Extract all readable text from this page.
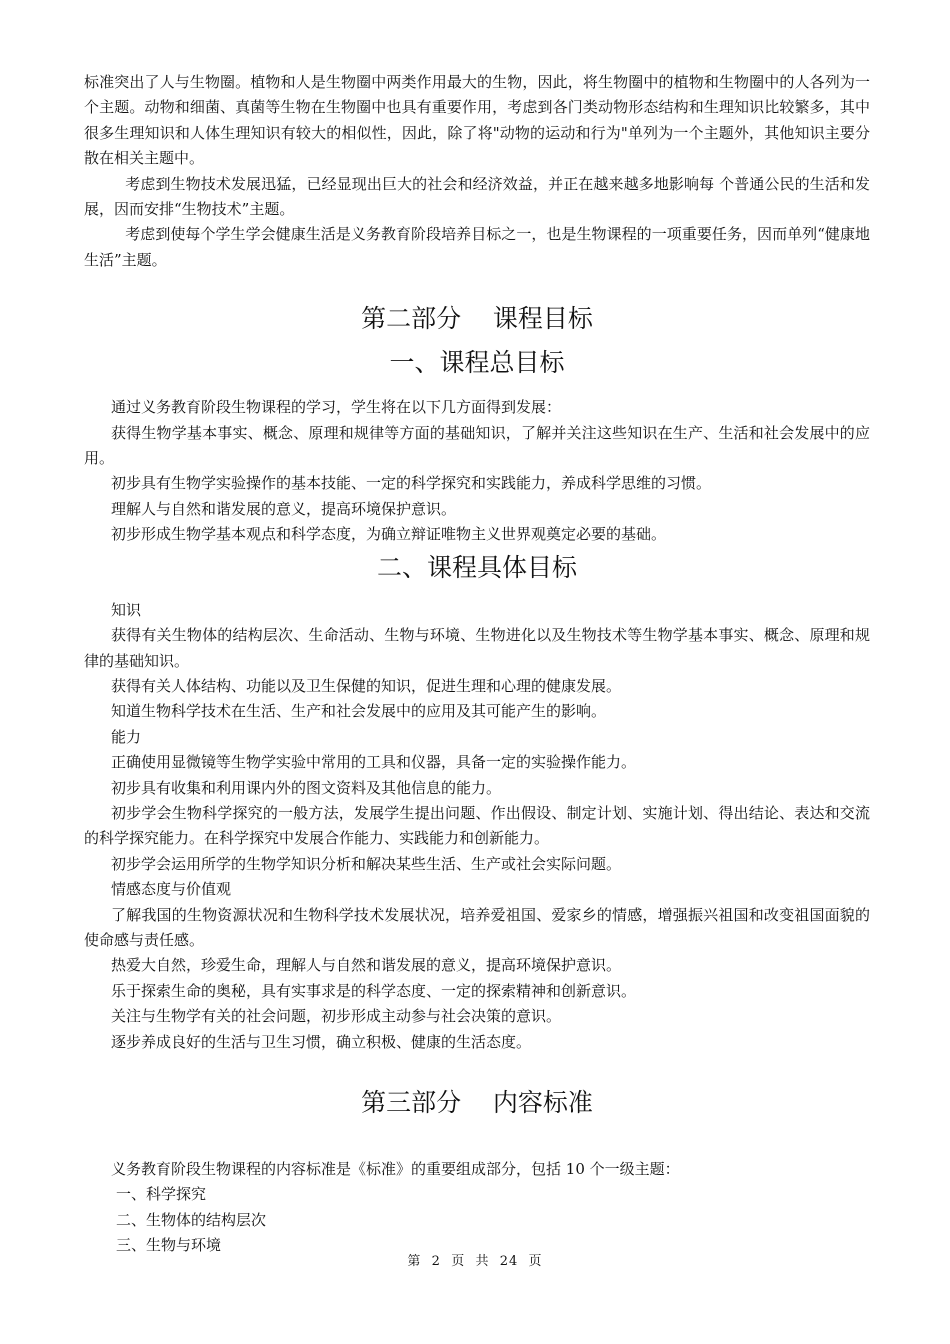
标准突出了人与生物圈。植物和人是生物圈中两类作用最大的生物，因此，将生物圈中的植物和生物圈中的人各列为一个主题。动物和细菌、真菌等生物在生物圈中也具有重要作用，考虑到各门类动物形态结构和生理知识比较繁多，其中很多生理知识和人体生理知识有较大的相似性，因此，除了将"动物的运动和行为"单列为一个主题外，其他知识主要分散在相关主题中。

考虑到生物技术发展迅猛，已经显现出巨大的社会和经济效益，并正在越来越多地影响每 个普通公民的生活和发展，因而安排“生物技术”主题。

考虑到使每个学生学会健康生活是义务教育阶段培养目标之一，也是生物课程的一项重要任务，因而单列“健康地生活”主题。

第二部分    课程目标
一、课程总目标

通过义务教育阶段生物课程的学习，学生将在以下几方面得到发展：

获得生物学基本事实、概念、原理和规律等方面的基础知识，了解并关注这些知识在生产、生活和社会发展中的应用。

初步具有生物学实验操作的基本技能、一定的科学探究和实践能力，养成科学思维的习惯。

理解人与自然和谐发展的意义，提高环境保护意识。

初步形成生物学基本观点和科学态度，为确立辩证唯物主义世界观奠定必要的基础。

二、课程具体目标

知识

获得有关生物体的结构层次、生命活动、生物与环境、生物进化以及生物技术等生物学基本事实、概念、原理和规律的基础知识。

获得有关人体结构、功能以及卫生保健的知识，促进生理和心理的健康发展。

知道生物科学技术在生活、生产和社会发展中的应用及其可能产生的影响。

能力

正确使用显微镜等生物学实验中常用的工具和仪器，具备一定的实验操作能力。

初步具有收集和利用课内外的图文资料及其他信息的能力。

初步学会生物科学探究的一般方法，发展学生提出问题、作出假设、制定计划、实施计划、得出结论、表达和交流的科学探究能力。在科学探究中发展合作能力、实践能力和创新能力。

初步学会运用所学的生物学知识分析和解决某些生活、生产或社会实际问题。

情感态度与价值观

了解我国的生物资源状况和生物科学技术发展状况，培养爱祖国、爱家乡的情感，增强振兴祖国和改变祖国面貌的使命感与责任感。

热爱大自然，珍爱生命，理解人与自然和谐发展的意义，提高环境保护意识。

乐于探索生命的奥秘，具有实事求是的科学态度、一定的探索精神和创新意识。

关注与生物学有关的社会问题，初步形成主动参与社会决策的意识。

逐步养成良好的生活与卫生习惯，确立积极、健康的生活态度。

第三部分    内容标准

义务教育阶段生物课程的内容标准是《标准》的重要组成部分，包括 10 个一级主题：

一、科学探究

二、生物体的结构层次

三、生物与环境

第  2  页  共  24  页
